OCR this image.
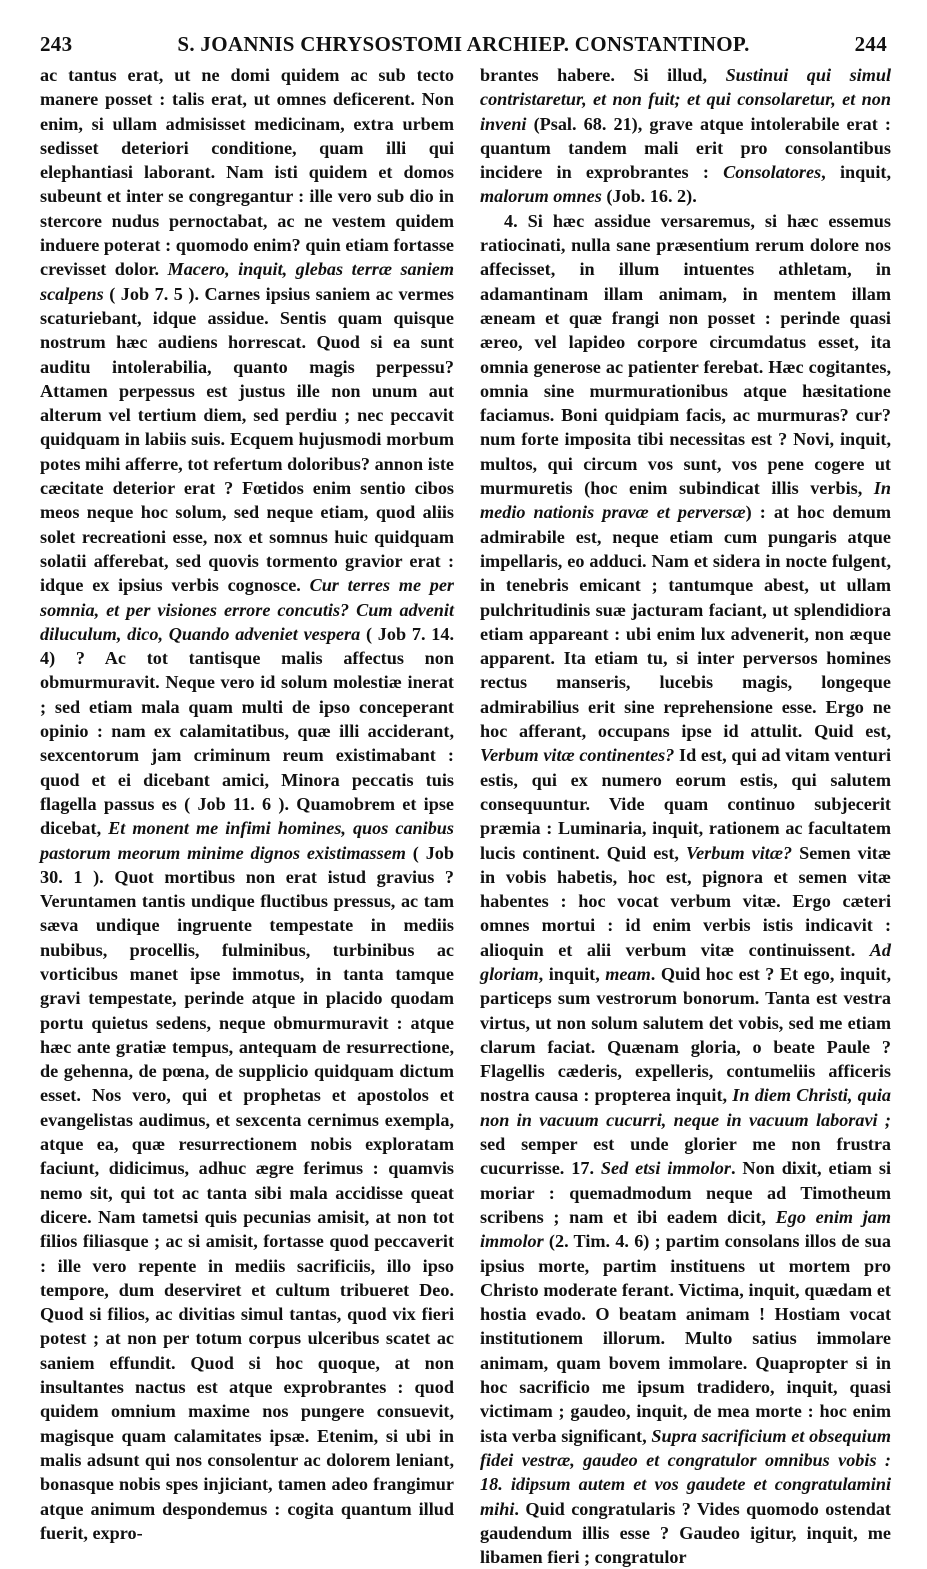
243	S. JOANNIS CHRYSOSTOMI ARCHIEP. CONSTANTINOP.	244

ac tantus erat, ut ne domi quidem ac sub tecto manere posset : talis erat, ut omnes deficerent. Non enim, si ullam admisisset medicinam, extra urbem sedisset deteriori conditione, quam illi qui elephantiasi laborant. Nam isti quidem et domos subeunt et inter se congregantur : ille vero sub dio in stercore nudus pernoctabat, ac ne vestem quidem induere poterat : quomodo enim? quin etiam fortasse crevisset dolor. Macero, inquit, glebas terræ saniem scalpens ( Job 7. 5 ). Carnes ipsius saniem ac vermes scaturiebant, idque assidue. Sentis quam quisque nostrum hæc audiens horrescat. Quod si ea sunt auditu intolerabilia, quanto magis perpessu? Attamen perpessus est justus ille non unum aut alterum vel tertium diem, sed perdiu ; nec peccavit quidquam in labiis suis. Ecquem hujusmodi morbum potes mihi afferre, tot refertum doloribus? annon iste cæcitate deterior erat ? Fœtidos enim sentio cibos meos neque hoc solum, sed neque etiam, quod aliis solet recreationi esse, nox et somnus huic quidquam solatii afferebat, sed quovis tormento gravior erat : idque ex ipsius verbis cognosce. Cur terres me per somnia, et per visiones errore concutis? Cum advenit diluculum, dico, Quando adveniet vespera ( Job 7. 14. 4) ? Ac tot tantisque malis affectus non obmurmuravit. Neque vero id solum molestiæ inerat ; sed etiam mala quam multi de ipso conceperant opinio : nam ex calamitatibus, quæ illi acciderant, sexcentorum jam criminum reum existimabant : quod et ei dicebant amici, Minora peccatis tuis flagella passus es ( Job 11. 6 ). Quamobrem et ipse dicebat, Et monent me infimi homines, quos canibus pastorum meorum minime dignos existimassem ( Job 30. 1 ). Quot mortibus non erat istud gravius ? Veruntamen tantis undique fluctibus pressus, ac tam sæva undique ingruente tempestate in mediis nubibus, procellis, fulminibus, turbinibus ac vorticibus manet ipse immotus, in tanta tamque gravi tempestate, perinde atque in placido quodam portu quietus sedens, neque obmurmuravit : atque hæc ante gratiæ tempus, antequam de resurrectione, de gehenna, de pœna, de supplicio quidquam dictum esset. Nos vero, qui et prophetas et apostolos et evangelistas audimus, et sexcenta cernimus exempla, atque ea, quæ resurrectionem nobis exploratam faciunt, didicimus, adhuc ægre ferimus : quamvis nemo sit, qui tot ac tanta sibi mala accidisse queat dicere. Nam tametsi quis pecunias amisit, at non tot filios filiasque ; ac si amisit, fortasse quod peccaverit : ille vero repente in mediis sacrificiis, illo ipso tempore, dum deserviret et cultum tribueret Deo. Quod si filios, ac divitias simul tantas, quod vix fieri potest ; at non per totum corpus ulceribus scatet ac saniem effundit. Quod si hoc quoque, at non insultantes nactus est atque exprobrantes : quod quidem omnium maxime nos pungere consuevit, magisque quam calamitates ipsæ. Etenim, si ubi in malis adsunt qui nos consolentur ac dolorem leniant, bonasque nobis spes injiciant, tamen adeo frangimur atque animum despondemus : cogita quantum illud fuerit, expro-

brantes habere. Si illud, Sustinui qui simul contristaretur, et non fuit; et qui consolaretur, et non inveni (Psal. 68. 21), grave atque intolerabile erat : quantum tandem mali erit pro consolantibus incidere in exprobrantes : Consolatores, inquit, malorum omnes (Job. 16. 2).

4. Si hæc assidue versaremus, si hæc essemus ratiocinati, nulla sane præsentium rerum dolore nos affecisset, in illum intuentes athletam, in adamantinam illam animam, in mentem illam æneam et quæ frangi non posset : perinde quasi æreo, vel lapideo corpore circumdatus esset, ita omnia generose ac patienter ferebat. Hæc cogitantes, omnia sine murmurationibus atque hæsitatione faciamus. Boni quidpiam facis, ac murmuras? cur? num forte imposita tibi necessitas est ? Novi, inquit, multos, qui circum vos sunt, vos pene cogere ut murmuretis (hoc enim subindicat illis verbis, In medio nationis pravæ et perversæ) : at hoc demum admirabile est, neque etiam cum pungaris atque impellaris, eo adduci. Nam et sidera in nocte fulgent, in tenebris emicant ; tantumque abest, ut ullam pulchritudinis suæ jacturam faciant, ut splendidiora etiam appareant : ubi enim lux advenerit, non æque apparent. Ita etiam tu, si inter perversos homines rectus manseris, lucebis magis, longeque admirabilius erit sine reprehensione esse. Ergo ne hoc afferant, occupans ipse id attulit. Quid est, Verbum vitæ continentes? Id est, qui ad vitam venturi estis, qui ex numero eorum estis, qui salutem consequuntur. Vide quam continuo subjecerit præmia : Luminaria, inquit, rationem ac facultatem lucis continent. Quid est, Verbum vitæ? Semen vitæ in vobis habetis, hoc est, pignora et semen vitæ habentes : hoc vocat verbum vitæ. Ergo cæteri omnes mortui : id enim verbis istis indicavit : alioquin et alii verbum vitæ continuissent. Ad gloriam, inquit, meam. Quid hoc est ? Et ego, inquit, particeps sum vestrorum bonorum. Tanta est vestra virtus, ut non solum salutem det vobis, sed me etiam clarum faciat. Quænam gloria, o beate Paule ? Flagellis cæderis, expelleris, contumeliis afficeris nostra causa : propterea inquit, In diem Christi, quia non in vacuum cucurri, neque in vacuum laboravi ; sed semper est unde glorier me non frustra cucurrisse. 17. Sed etsi immolor. Non dixit, etiam si moriar : quemadmodum neque ad Timotheum scribens ; nam et ibi eadem dicit, Ego enim jam immolor (2. Tim. 4. 6) ; partim consolans illos de sua ipsius morte, partim instituens ut mortem pro Christo moderate ferant. Victima, inquit, quædam et hostia evado. O beatam animam ! Hostiam vocat institutionem illorum. Multo satius immolare animam, quam bovem immolare. Quapropter si in hoc sacrificio me ipsum tradidero, inquit, quasi victimam ; gaudeo, inquit, de mea morte : hoc enim ista verba significant, Supra sacrificium et obsequium fidei vestræ, gaudeo et congratulor omnibus vobis : 18. idipsum autem et vos gaudete et congratulamini mihi. Quid congratularis ? Vides quomodo ostendat gaudendum illis esse ? Gaudeo igitur, inquit, me libamen fieri ; congratulor
